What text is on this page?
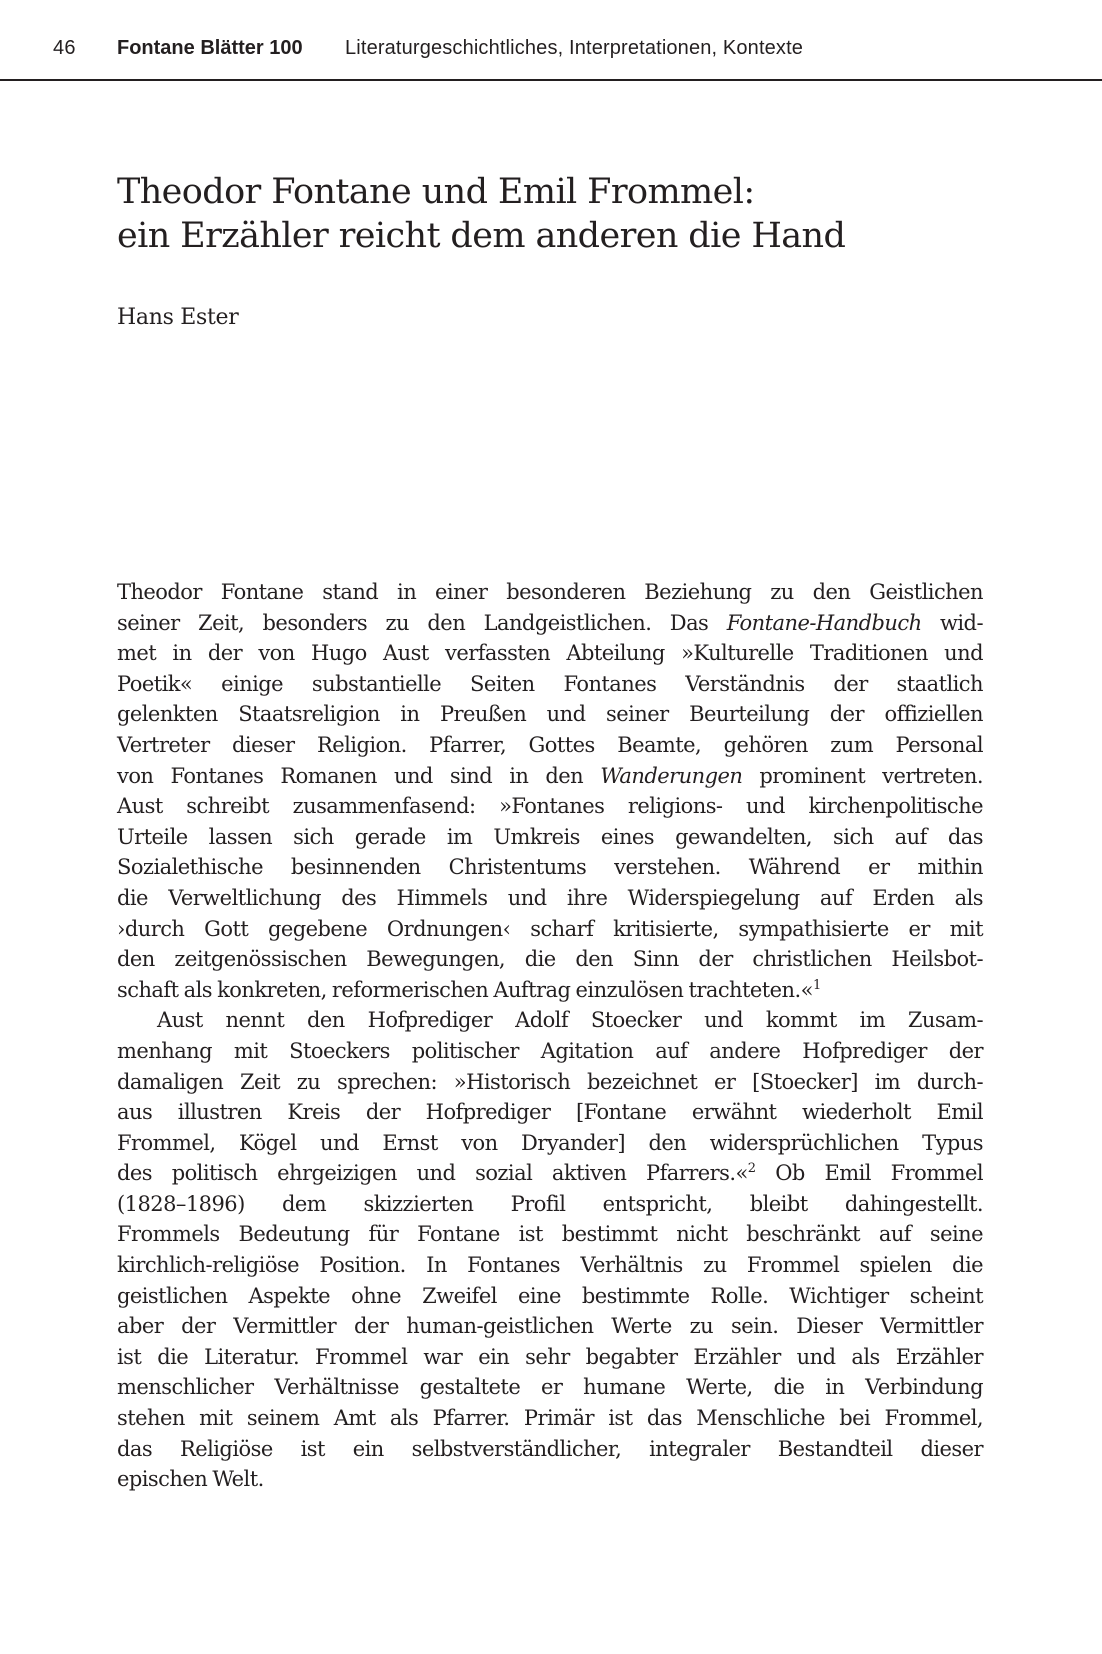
46 Fontane Blätter 100 Literaturgeschichtliches, Interpretationen, Kontexte
Theodor Fontane und Emil Frommel:
ein Erzähler reicht dem anderen die Hand
Hans Ester
Theodor Fontane stand in einer besonderen Beziehung zu den Geistlichen
seiner Zeit, besonders zu den Landgeistlichen. Das Fontane-Handbuch wid-
met in der von Hugo Aust verfassten Abteilung »Kulturelle Traditionen und
Poetik« einige substantielle Seiten Fontanes Verständnis der staatlich
gelenkten Staatsreligion in Preußen und seiner Beurteilung der offiziellen
Vertreter dieser Religion. Pfarrer, Gottes Beamte, gehören zum Personal
von Fontanes Romanen und sind in den Wanderungen prominent vertreten.
Aust schreibt zusammenfasend: »Fontanes religions- und kirchenpolitische
Urteile lassen sich gerade im Umkreis eines gewandelten, sich auf das
Sozialethische besinnenden Christentums verstehen. Während er mithin
die Verweltlichung des Himmels und ihre Widerspiegelung auf Erden als
›durch Gott gegebene Ordnungen‹ scharf kritisierte, sympathisierte er mit
den zeitgenössischen Bewegungen, die den Sinn der christlichen Heilsbot-
schaft als konkreten, reformerischen Auftrag einzulösen trachteten.«$^1$
Aust nennt den Hofprediger Adolf Stoecker und kommt im Zusam-
menhang mit Stoeckers politischer Agitation auf andere Hofprediger der
damaligen Zeit zu sprechen: »Historisch bezeichnet er [Stoecker] im durch-
aus illustren Kreis der Hofprediger [Fontane erwähnt wiederholt Emil
Frommel, Kögel und Ernst von Dryander] den widersprüchlichen Typus
des politisch ehrgeizigen und sozial aktiven Pfarrers.«$^2$ Ob Emil Frommel
(1828–1896) dem skizzierten Profil entspricht, bleibt dahingestellt.
Frommels Bedeutung für Fontane ist bestimmt nicht beschränkt auf seine
kirchlich-religiöse Position. In Fontanes Verhältnis zu Frommel spielen die
geistlichen Aspekte ohne Zweifel eine bestimmte Rolle. Wichtiger scheint
aber der Vermittler der human-geistlichen Werte zu sein. Dieser Vermittler
ist die Literatur. Frommel war ein sehr begabter Erzähler und als Erzähler
menschlicher Verhältnisse gestaltete er humane Werte, die in Verbindung
stehen mit seinem Amt als Pfarrer. Primär ist das Menschliche bei Frommel,
das Religiöse ist ein selbstverständlicher, integraler Bestandteil dieser
epischen Welt.
